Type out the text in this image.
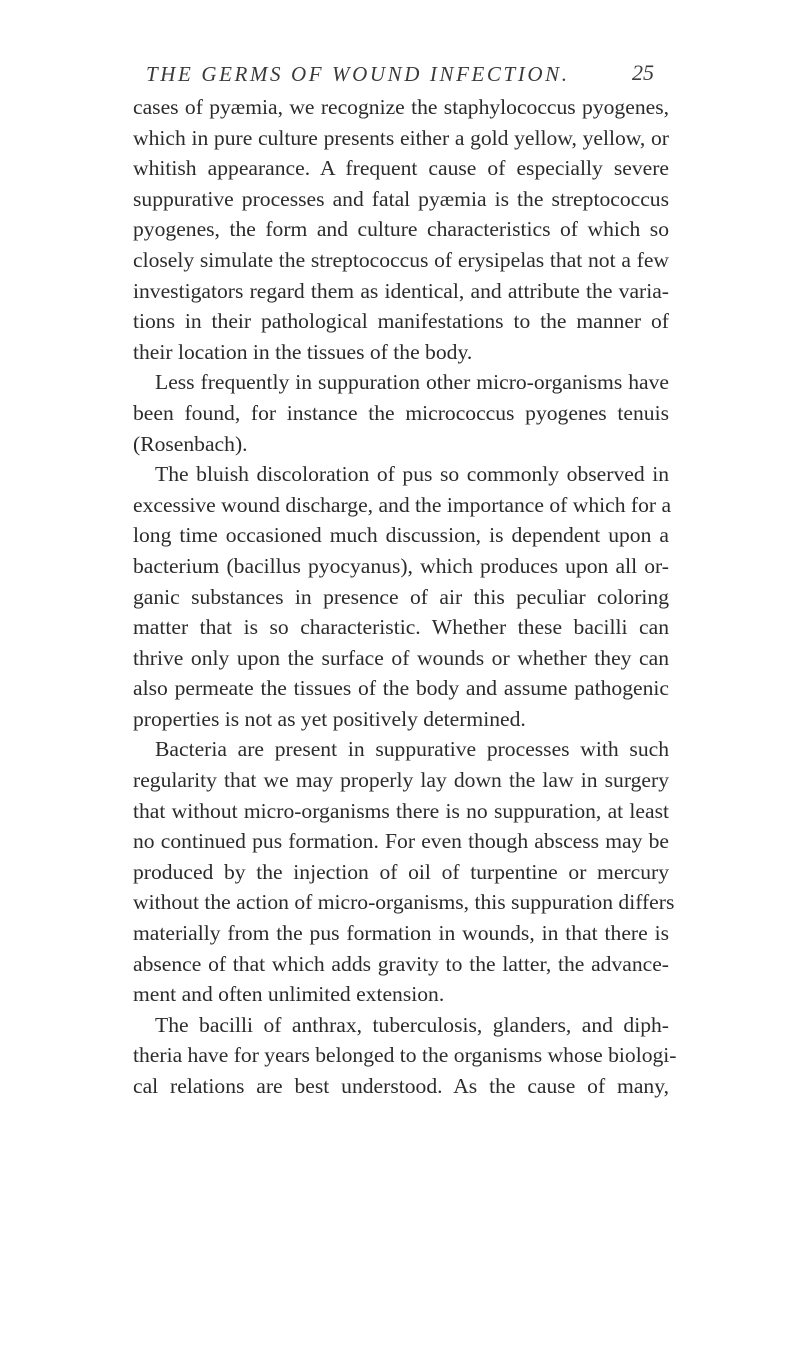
THE GERMS OF WOUND INFECTION.	25
cases of pyæmia, we recognize the staphylococcus pyogenes,
which in pure culture presents either a gold yellow, yellow, or
whitish appearance. A frequent cause of especially severe
suppurative processes and fatal pyæmia is the streptococcus
pyogenes, the form and culture characteristics of which so
closely simulate the streptococcus of erysipelas that not a few
investigators regard them as identical, and attribute the varia-
tions in their pathological manifestations to the manner of
their location in the tissues of the body.
Less frequently in suppuration other micro-organisms have
been found, for instance the micrococcus pyogenes tenuis
(Rosenbach).
The bluish discoloration of pus so commonly observed in
excessive wound discharge, and the importance of which for a
long time occasioned much discussion, is dependent upon a
bacterium (bacillus pyocyanus), which produces upon all or-
ganic substances in presence of air this peculiar coloring
matter that is so characteristic. Whether these bacilli can
thrive only upon the surface of wounds or whether they can
also permeate the tissues of the body and assume pathogenic
properties is not as yet positively determined.
Bacteria are present in suppurative processes with such
regularity that we may properly lay down the law in surgery
that without micro-organisms there is no suppuration, at least
no continued pus formation. For even though abscess may be
produced by the injection of oil of turpentine or mercury
without the action of micro-organisms, this suppuration differs
materially from the pus formation in wounds, in that there is
absence of that which adds gravity to the latter, the advance-
ment and often unlimited extension.
The bacilli of anthrax, tuberculosis, glanders, and diph-
theria have for years belonged to the organisms whose biologi-
cal relations are best understood. As the cause of many,
